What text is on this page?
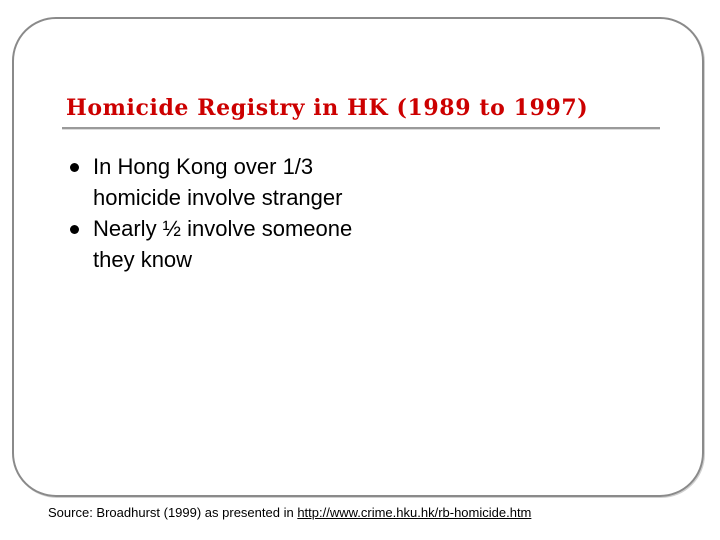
Homicide Registry in HK (1989 to 1997)
In Hong Kong over 1/3 homicide involve stranger
Nearly ½ involve someone they know
Source: Broadhurst (1999) as presented in http://www.crime.hku.hk/rb-homicide.htm
